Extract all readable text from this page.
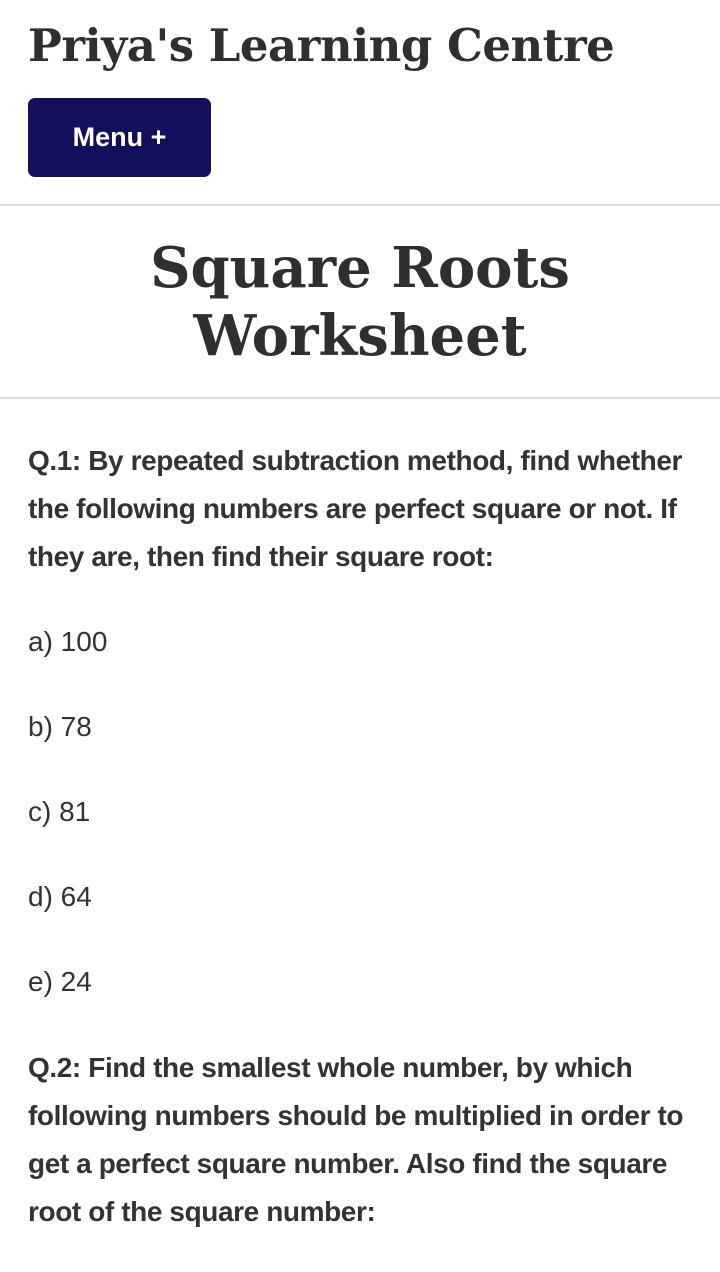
Priya's Learning Centre
Menu +
Square Roots Worksheet

Q.1: By repeated subtraction method, find whether the following numbers are perfect square or not. If they are, then find their square root:

a) 100

b) 78

c) 81

d) 64

e) 24

Q.2: Find the smallest whole number, by which following numbers should be multiplied in order to get a perfect square number. Also find the square root of the square number:
